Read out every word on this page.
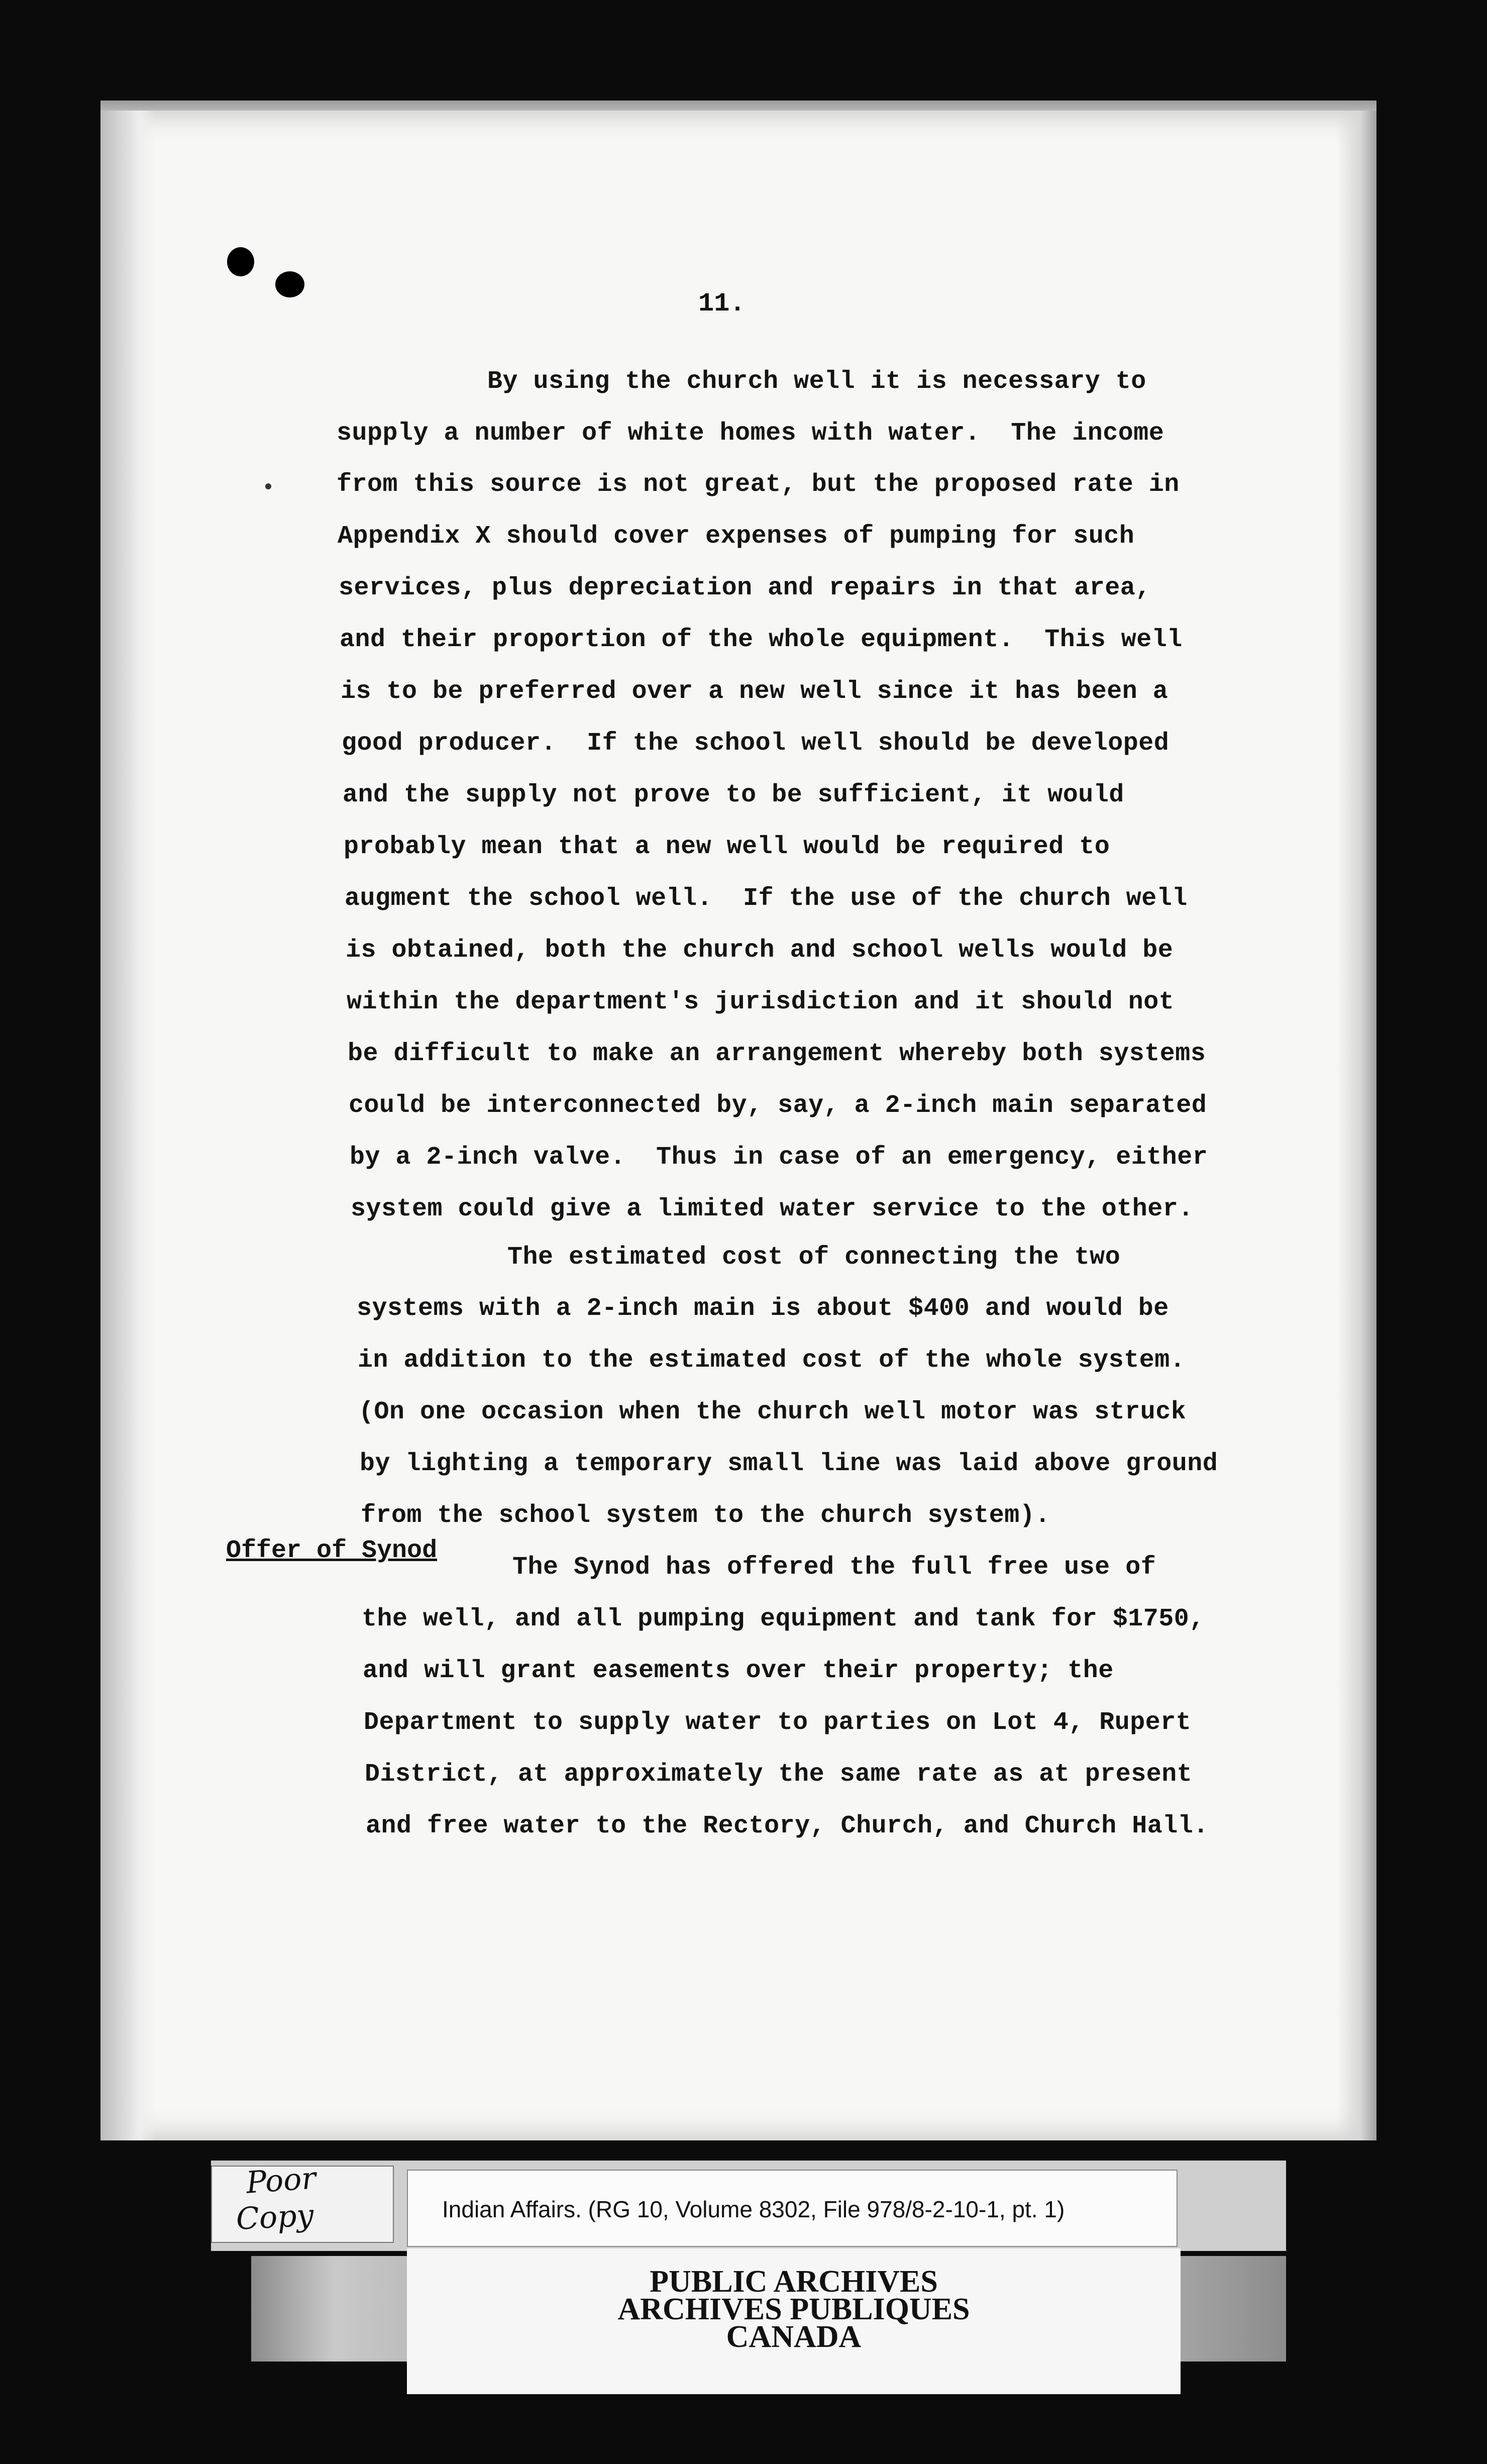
11.
By using the church well it is necessary to
supply a number of white homes with water.  The income
from this source is not great, but the proposed rate in
Appendix X should cover expenses of pumping for such
services, plus depreciation and repairs in that area,
and their proportion of the whole equipment.  This well
is to be preferred over a new well since it has been a
good producer.  If the school well should be developed
and the supply not prove to be sufficient, it would
probably mean that a new well would be required to
augment the school well.  If the use of the church well
is obtained, both the church and school wells would be
within the department's jurisdiction and it should not
be difficult to make an arrangement whereby both systems
could be interconnected by, say, a 2-inch main separated
by a 2-inch valve.  Thus in case of an emergency, either
system could give a limited water service to the other.
The estimated cost of connecting the two
systems with a 2-inch main is about $400 and would be
in addition to the estimated cost of the whole system.
(On one occasion when the church well motor was struck
by lighting a temporary small line was laid above ground
from the school system to the church system).
Offer of Synod
The Synod has offered the full free use of
the well, and all pumping equipment and tank for $1750,
and will grant easements over their property; the
Department to supply water to parties on Lot 4, Rupert
District, at approximately the same rate as at present
and free water to the Rectory, Church, and Church Hall.
Poor
Copy	Indian Affairs. (RG 10, Volume 8302, File 978/8-2-10-1, pt. 1)
PUBLIC ARCHIVES
ARCHIVES PUBLIQUES
CANADA
